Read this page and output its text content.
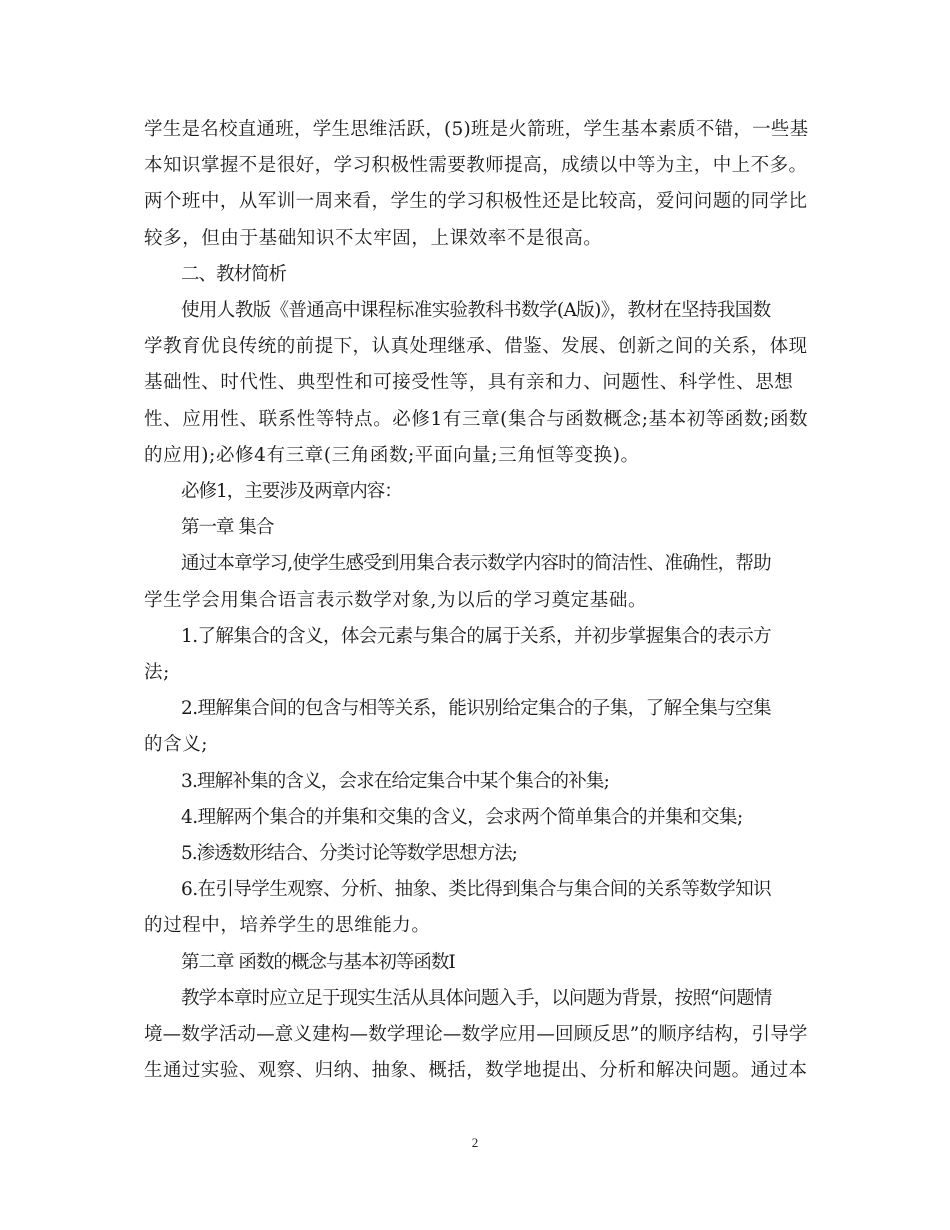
学生是名校直通班，学生思维活跃，(5)班是火箭班，学生基本素质不错，一些基
本知识掌握不是很好，学习积极性需要教师提高，成绩以中等为主，中上不多。
两个班中，从军训一周来看，学生的学习积极性还是比较高，爱问问题的同学比
较多，但由于基础知识不太牢固，上课效率不是很高。
二、教材简析
使用人教版《普通高中课程标准实验教科书数学(A版)》，教材在坚持我国数
学教育优良传统的前提下，认真处理继承、借鉴、发展、创新之间的关系，体现
基础性、时代性、典型性和可接受性等，具有亲和力、问题性、科学性、思想
性、应用性、联系性等特点。必修1有三章(集合与函数概念;基本初等函数;函数
的应用);必修4有三章(三角函数;平面向量;三角恒等变换)。
必修1，主要涉及两章内容：
第一章 集合
通过本章学习,使学生感受到用集合表示数学内容时的简洁性、准确性，帮助
学生学会用集合语言表示数学对象,为以后的学习奠定基础。
1.了解集合的含义，体会元素与集合的属于关系，并初步掌握集合的表示方
法;
2.理解集合间的包含与相等关系，能识别给定集合的子集，了解全集与空集
的含义;
3.理解补集的含义，会求在给定集合中某个集合的补集;
4.理解两个集合的并集和交集的含义，会求两个简单集合的并集和交集;
5.渗透数形结合、分类讨论等数学思想方法;
6.在引导学生观察、分析、抽象、类比得到集合与集合间的关系等数学知识
的过程中，培养学生的思维能力。
第二章 函数的概念与基本初等函数I
教学本章时应立足于现实生活从具体问题入手，以问题为背景，按照“问题情
境—数学活动—意义建构—数学理论—数学应用—回顾反思”的顺序结构，引导学
生通过实验、观察、归纳、抽象、概括，数学地提出、分析和解决问题。通过本
2
